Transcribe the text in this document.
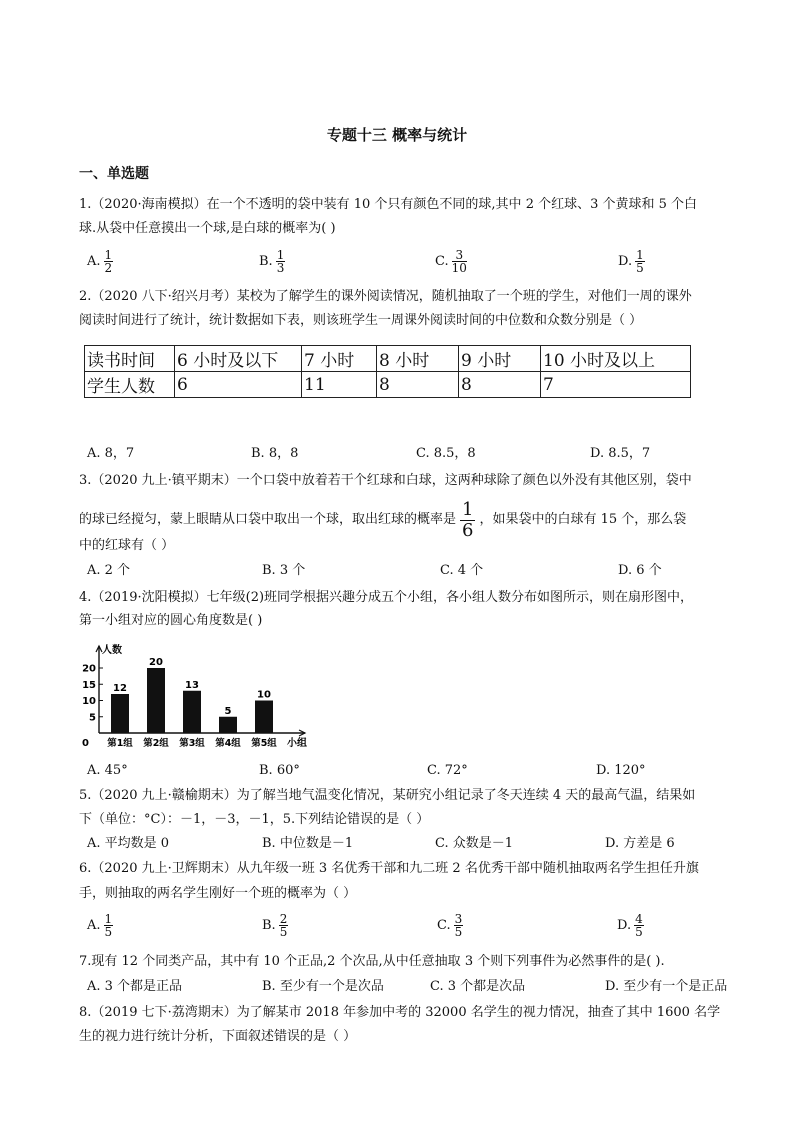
专题十三 概率与统计
一、单选题
1.（2020·海南模拟）在一个不透明的袋中装有 10 个只有颜色不同的球,其中 2 个红球、3 个黄球和 5 个白
球.从袋中任意摸出一个球,是白球的概率为( )
A. $\frac{1}{2}$	B. $\frac{1}{3}$	C. $\frac{3}{10}$	D. $\frac{1}{5}$
2.（2020 八下·绍兴月考）某校为了解学生的课外阅读情况，随机抽取了一个班的学生，对他们一周的课外
阅读时间进行了统计，统计数据如下表，则该班学生一周课外阅读时间的中位数和众数分别是（ ）
读书时间	6 小时及以下	7 小时	8 小时	9 小时	10 小时及以上
学生人数	6	11	8	8	7
A. 8，7	B. 8，8	C. 8.5，8	D. 8.5，7
3.（2020 九上·镇平期末）一个口袋中放着若干个红球和白球，这两种球除了颜色以外没有其他区别，袋中
的球已经搅匀，蒙上眼睛从口袋中取出一个球，取出红球的概率是 $\frac{1}{6}$ ，如果袋中的白球有 15 个，那么袋
中的红球有（ ）
A. 2 个	B. 3 个	C. 4 个	D. 6 个
4.（2019·沈阳模拟）七年级(2)班同学根据兴趣分成五个小组，各小组人数分布如图所示，则在扇形图中，
第一小组对应的圆心角度数是( )
人数
小组
0
5
10
15
20
12
第1组
20
第2组
13
第3组
5
第4组
10
第5组
A. 45°	B. 60°	C. 72°	D. 120°
5.（2020 九上·赣榆期末）为了解当地气温变化情况，某研究小组记录了冬天连续 4 天的最高气温，结果如
下（单位：°C）：－1，－3，－1，5.下列结论错误的是（ ）
A. 平均数是 0	B. 中位数是－1	C. 众数是－1	D. 方差是 6
6.（2020 九上·卫辉期末）从九年级一班 3 名优秀干部和九二班 2 名优秀干部中随机抽取两名学生担任升旗
手，则抽取的两名学生刚好一个班的概率为（ ）
A. $\frac{1}{5}$	B. $\frac{2}{5}$	C. $\frac{3}{5}$	D. $\frac{4}{5}$
7.现有 12 个同类产品，其中有 10 个正品,2 个次品,从中任意抽取 3 个则下列事件为必然事件的是( ).
A. 3 个都是正品	B. 至少有一个是次品	C. 3 个都是次品	D. 至少有一个是正品
8.（2019 七下·荔湾期末）为了解某市 2018 年参加中考的 32000 名学生的视力情况，抽查了其中 1600 名学
生的视力进行统计分析，下面叙述错误的是（ ）
